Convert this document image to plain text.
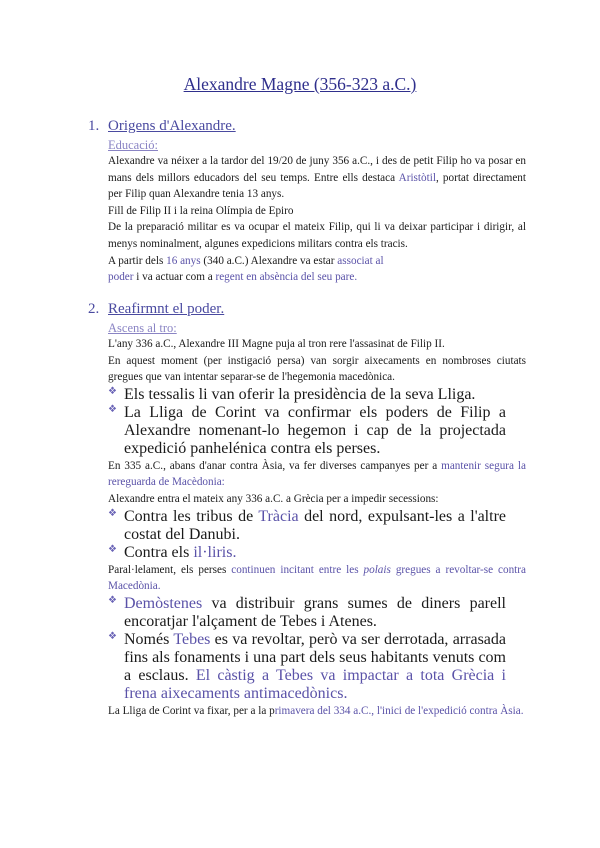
Alexandre Magne (356-323 a.C.)
1. Origens d'Alexandre.
Educació:
Alexandre va néixer a la tardor del 19/20 de juny 356 a.C., i des de petit Filip ho va posar en mans dels millors educadors del seu temps. Entre ells destaca Aristòtil, portat directament per Filip quan Alexandre tenia 13 anys.
Fill de Filip II i la reina Olímpia de Epiro
De la preparació militar es va ocupar el mateix Filip, qui li va deixar participar i dirigir, al menys nominalment, algunes expedicions militars contra els tracis.
A partir dels 16 anys (340 a.C.) Alexandre va estar associat al
poder i va actuar com a regent en absència del seu pare.
2. Reafirmnt el poder.
Ascens al tro:
L'any 336 a.C., Alexandre III Magne puja al tron rere l'assasinat de Filip II.
En aquest moment (per instigació persa) van sorgir aixecaments en nombroses ciutats gregues que van intentar separar-se de l'hegemonia macedònica.
❖ Els tessalis li van oferir la presidència de la seva Lliga.
❖ La Lliga de Corint va confirmar els poders de Filip a Alexandre nomenant-lo hegemon i cap de la projectada expedició panhelénica contra els perses.
En 335 a.C., abans d'anar contra Àsia, va fer diverses campanyes per a mantenir segura la rereguarda de Macèdonia:
Alexandre entra el mateix any 336 a.C. a Grècia per a impedir secessions:
❖ Contra les tribus de Tràcia del nord, expulsant-les a l'altre costat del Danubi.
❖ Contra els il·liris.
Paral·lelament, els perses continuen incitant entre les polais gregues a revoltar-se contra Macedònia.
❖ Demòstenes va distribuir grans sumes de diners parell encoratjar l'alçament de Tebes i Atenes.
❖ Només Tebes es va revoltar, però va ser derrotada, arrasada fins als fonaments i una part dels seus habitants venuts com a esclaus. El càstig a Tebes va impactar a tota Grècia i frena aixecaments antimacedònics.
La Lliga de Corint va fixar, per a la primavera del 334 a.C., l'inici de l'expedició contra Àsia.
